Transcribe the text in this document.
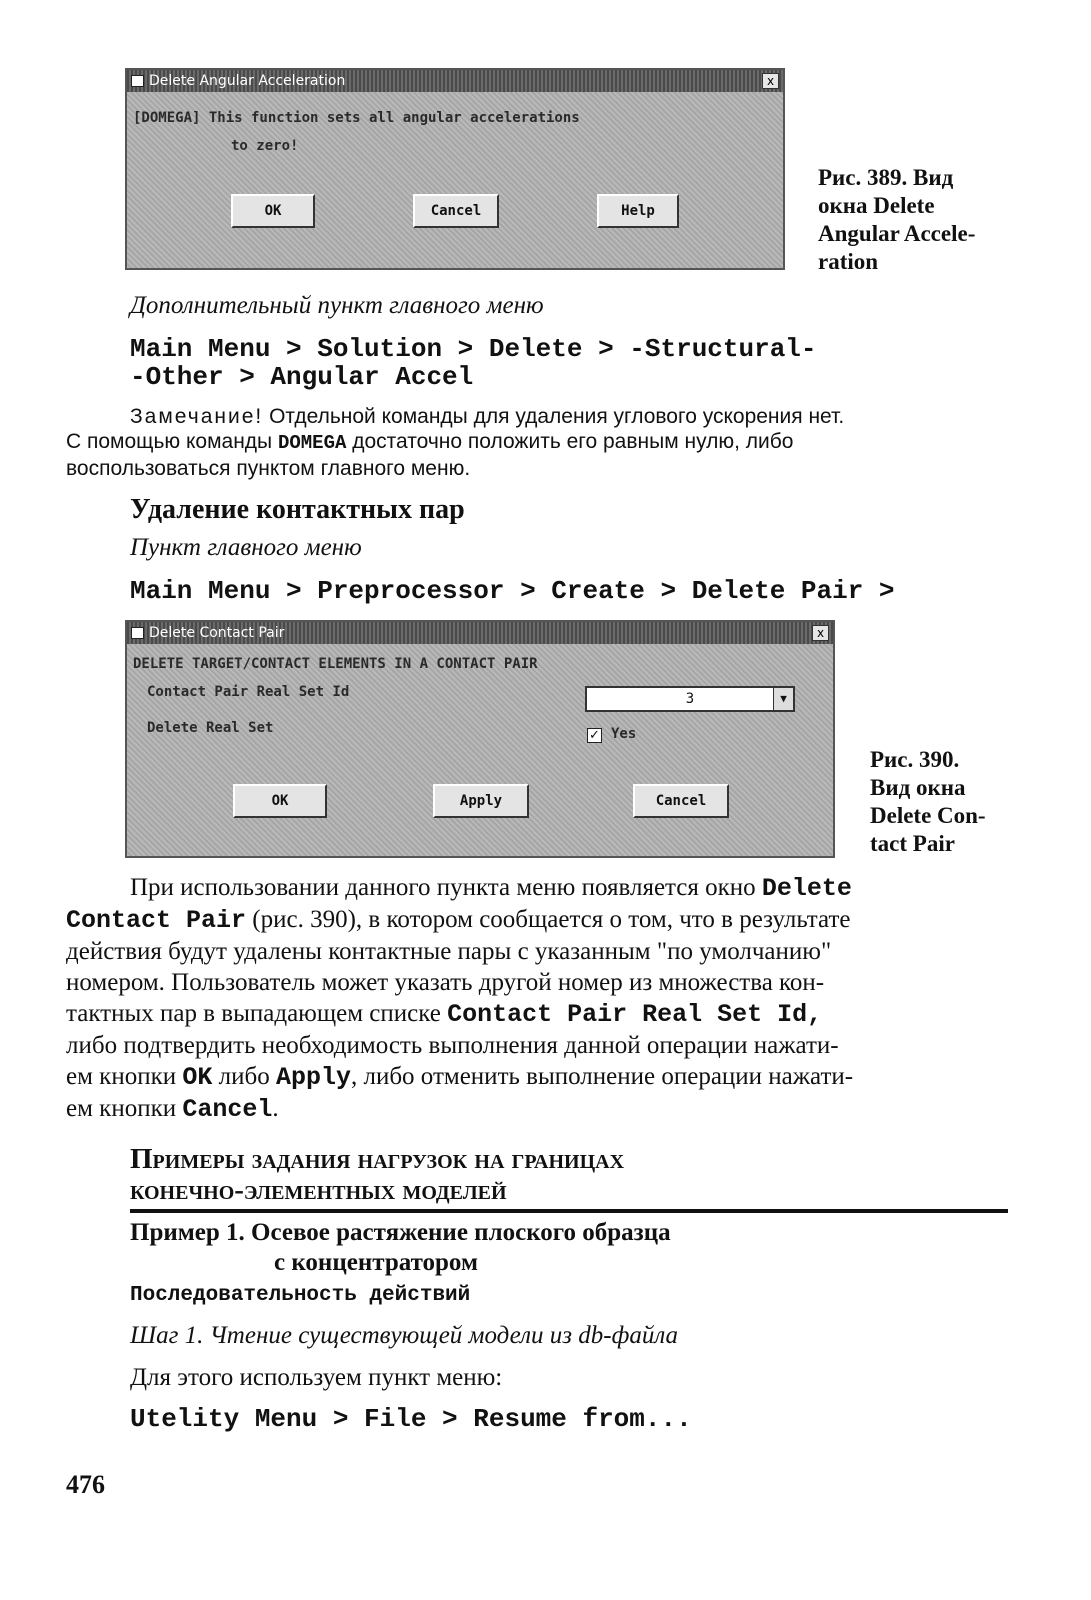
Delete Angular Acceleration	x
[DOMEGA] This function sets all angular accelerations
to zero!
OK	Cancel	Help
Рис. 389. Вид
окна Delete
Angular Accele-
ration
Дополнительный пункт главного меню
Main Menu > Solution > Delete > -Structural-
-Other > Angular Accel
Замечание! Отдельной команды для удаления углового ускорения нет.
С помощью команды DOMEGA достаточно положить его равным нулю, либо
воспользоваться пунктом главного меню.
Удаление контактных пар
Пункт главного меню
Main Menu > Preprocessor > Create > Delete Pair >
Delete Contact Pair	x
DELETE TARGET/CONTACT ELEMENTS IN A CONTACT PAIR
Contact Pair Real Set Id	3	▼
Delete Real Set	✓ Yes
OK	Apply	Cancel
Рис. 390.
Вид окна
Delete Con-
tact Pair
При использовании данного пункта меню появляется окно Delete
Contact Pair (рис. 390), в котором сообщается о том, что в результате
действия будут удалены контактные пары с указанным "по умолчанию"
номером. Пользователь может указать другой номер из множества кон-
тактных пар в выпадающем списке Contact Pair Real Set Id,
либо подтвердить необходимость выполнения данной операции нажати-
ем кнопки OK либо Apply, либо отменить выполнение операции нажати-
ем кнопки Cancel.
Примеры задания нагрузок на границах
конечно-элементных моделей
Пример 1. Осевое растяжение плоского образца
с концентратором
Последовательность действий
Шаг 1. Чтение существующей модели из db-файла
Для этого используем пункт меню:
Utelity Menu > File > Resume from...
476
